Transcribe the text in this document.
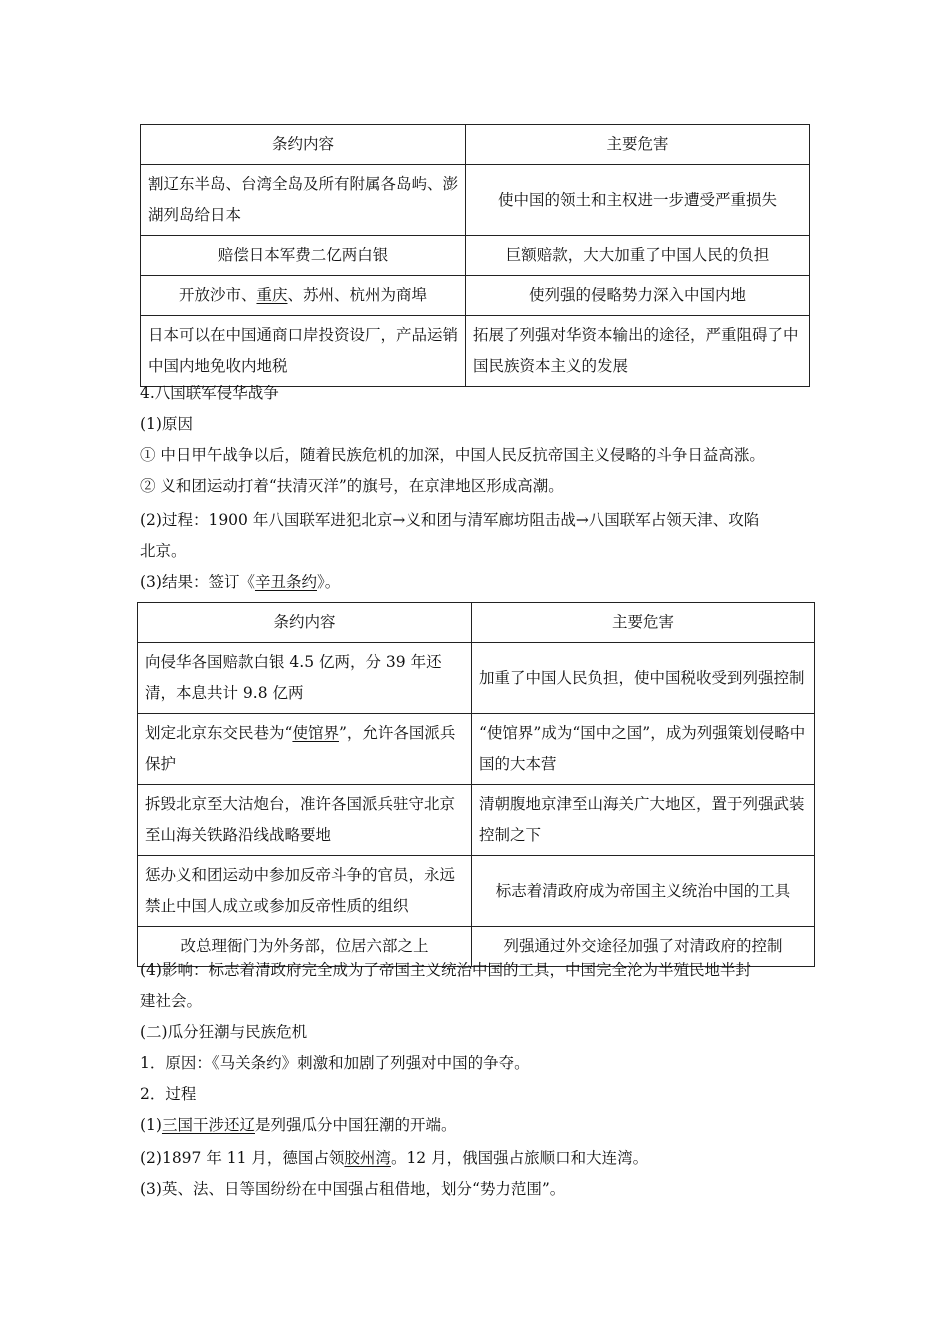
条约内容	主要危害
割辽东半岛、台湾全岛及所有附属各岛屿、澎湖列岛给日本	使中国的领土和主权进一步遭受严重损失
赔偿日本军费二亿两白银	巨额赔款，大大加重了中国人民的负担
开放沙市、重庆、苏州、杭州为商埠	使列强的侵略势力深入中国内地
日本可以在中国通商口岸投资设厂，产品运销中国内地免收内地税	拓展了列强对华资本输出的途径，严重阻碍了中国民族资本主义的发展
4.八国联军侵华战争
(1)原因
① 中日甲午战争以后，随着民族危机的加深，中国人民反抗帝国主义侵略的斗争日益高涨。
② 义和团运动打着“扶清灭洋”的旗号，在京津地区形成高潮。
(2)过程：1900 年八国联军进犯北京→义和团与清军廊坊阻击战→八国联军占领天津、攻陷
北京。
(3)结果：签订《辛丑条约》。
条约内容	主要危害
向侵华各国赔款白银 4.5 亿两，分 39 年还清，本息共计 9.8 亿两	加重了中国人民负担，使中国税收受到列强控制
划定北京东交民巷为“使馆界”，允许各国派兵保护	“使馆界”成为“国中之国”，成为列强策划侵略中国的大本营
拆毁北京至大沽炮台，准许各国派兵驻守北京至山海关铁路沿线战略要地	清朝腹地京津至山海关广大地区，置于列强武装控制之下
惩办义和团运动中参加反帝斗争的官员，永远禁止中国人成立或参加反帝性质的组织	标志着清政府成为帝国主义统治中国的工具
改总理衙门为外务部，位居六部之上	列强通过外交途径加强了对清政府的控制
(4)影响：标志着清政府完全成为了帝国主义统治中国的工具，中国完全沦为半殖民地半封
建社会。
(二)瓜分狂潮与民族危机
1．原因：《马关条约》刺激和加剧了列强对中国的争夺。
2．过程
(1)三国干涉还辽是列强瓜分中国狂潮的开端。
(2)1897 年 11 月，德国占领胶州湾。12 月，俄国强占旅顺口和大连湾。
(3)英、法、日等国纷纷在中国强占租借地，划分“势力范围”。
